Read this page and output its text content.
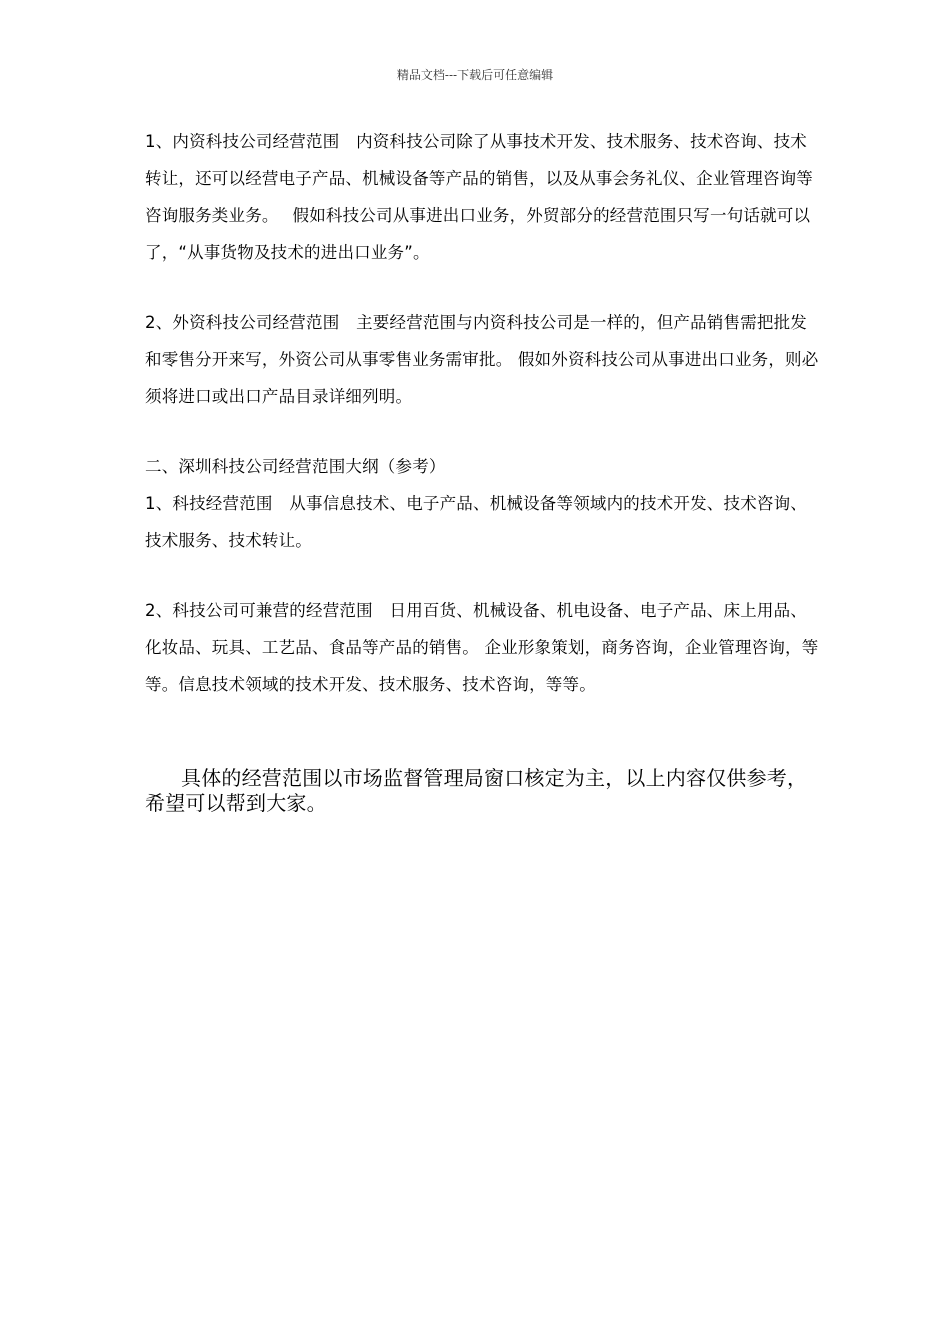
精品文档---下载后可任意编辑

1、内资科技公司经营范围　内资科技公司除了从事技术开发、技术服务、技术咨询、技术转让，还可以经营电子产品、机械设备等产品的销售，以及从事会务礼仪、企业管理咨询等咨询服务类业务。　 假如科技公司从事进出口业务，外贸部分的经营范围只写一句话就可以了，“从事货物及技术的进出口业务”。

2、外资科技公司经营范围　主要经营范围与内资科技公司是一样的，但产品销售需把批发和零售分开来写，外资公司从事零售业务需审批。 假如外资科技公司从事进出口业务，则必须将进口或出口产品目录详细列明。

二、深圳科技公司经营范围大纲（参考）

1、科技经营范围　从事信息技术、电子产品、机械设备等领域内的技术开发、技术咨询、技术服务、技术转让。

2、科技公司可兼营的经营范围　日用百货、机械设备、机电设备、电子产品、床上用品、化妆品、玩具、工艺品、食品等产品的销售。 企业形象策划，商务咨询，企业管理咨询，等等。信息技术领域的技术开发、技术服务、技术咨询，等等。

具体的经营范围以市场监督管理局窗口核定为主，以上内容仅供参考，希望可以帮到大家。
